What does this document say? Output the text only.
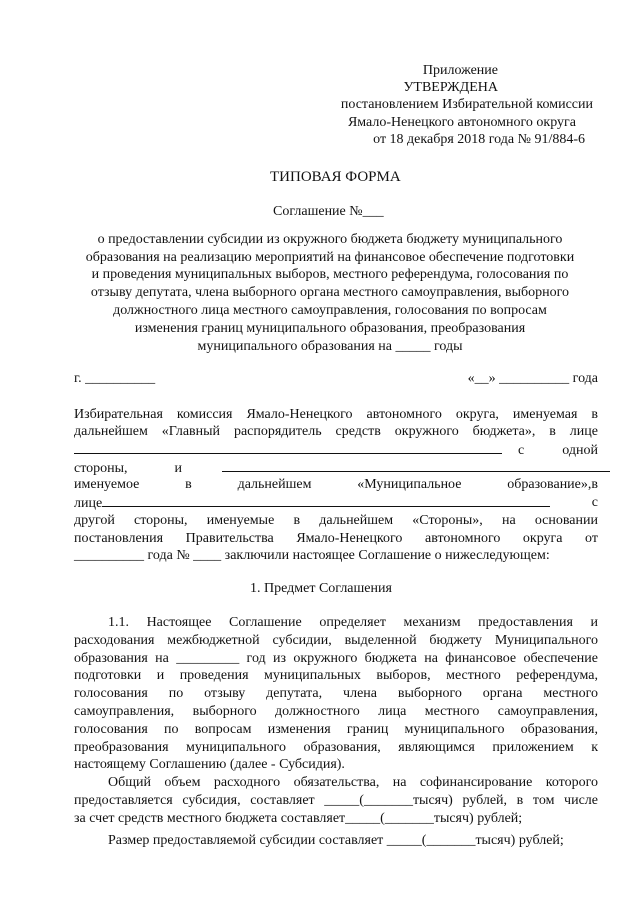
Приложение
УТВЕРЖДЕНА
постановлением Избирательной комиссии
Ямало-Ненецкого автономного округа
от 18 декабря 2018 года № 91/884-6
ТИПОВАЯ ФОРМА
Соглашение №___
о предоставлении субсидии из окружного бюджета бюджету муниципального
образования на реализацию мероприятий на финансовое обеспечение подготовки
и проведения муниципальных выборов, местного референдума, голосования по
отзыву депутата, члена выборного органа местного самоуправления, выборного
должностного лица местного самоуправления, голосования по вопросам
изменения границ муниципального образования, преобразования
муниципального образования на _____ годы
г. __________	«__» __________ года
Избирательная комиссия Ямало-Ненецкого автономного округа, именуемая в
дальнейшем «Главный распорядитель средств окружного бюджета», в лице
с одной
стороны,	и
именуемое	в	дальнейшем	«Муниципальное	образование»,в
лице	с
другой стороны, именуемые в дальнейшем «Стороны», на основании
постановления Правительства Ямало-Ненецкого автономного округа от
__________ года № ____ заключили настоящее Соглашение о нижеследующем:
1. Предмет Соглашения
1.1. Настоящее Соглашение определяет механизм предоставления и
расходования межбюджетной субсидии, выделенной бюджету Муниципального
образования на _________ год из окружного бюджета на финансовое обеспечение
подготовки и проведения муниципальных выборов, местного референдума,
голосования по отзыву депутата, члена выборного органа местного
самоуправления, выборного должностного лица местного самоуправления,
голосования по вопросам изменения границ муниципального образования,
преобразования муниципального образования, являющимся приложением к
настоящему Соглашению (далее - Субсидия).
Общий объем расходного обязательства, на софинансирование которого
предоставляется субсидия, составляет _____(_______тысяч) рублей, в том числе
за счет средств местного бюджета составляет_____(_______тысяч) рублей;
Размер предоставляемой субсидии составляет _____(_______тысяч) рублей;
